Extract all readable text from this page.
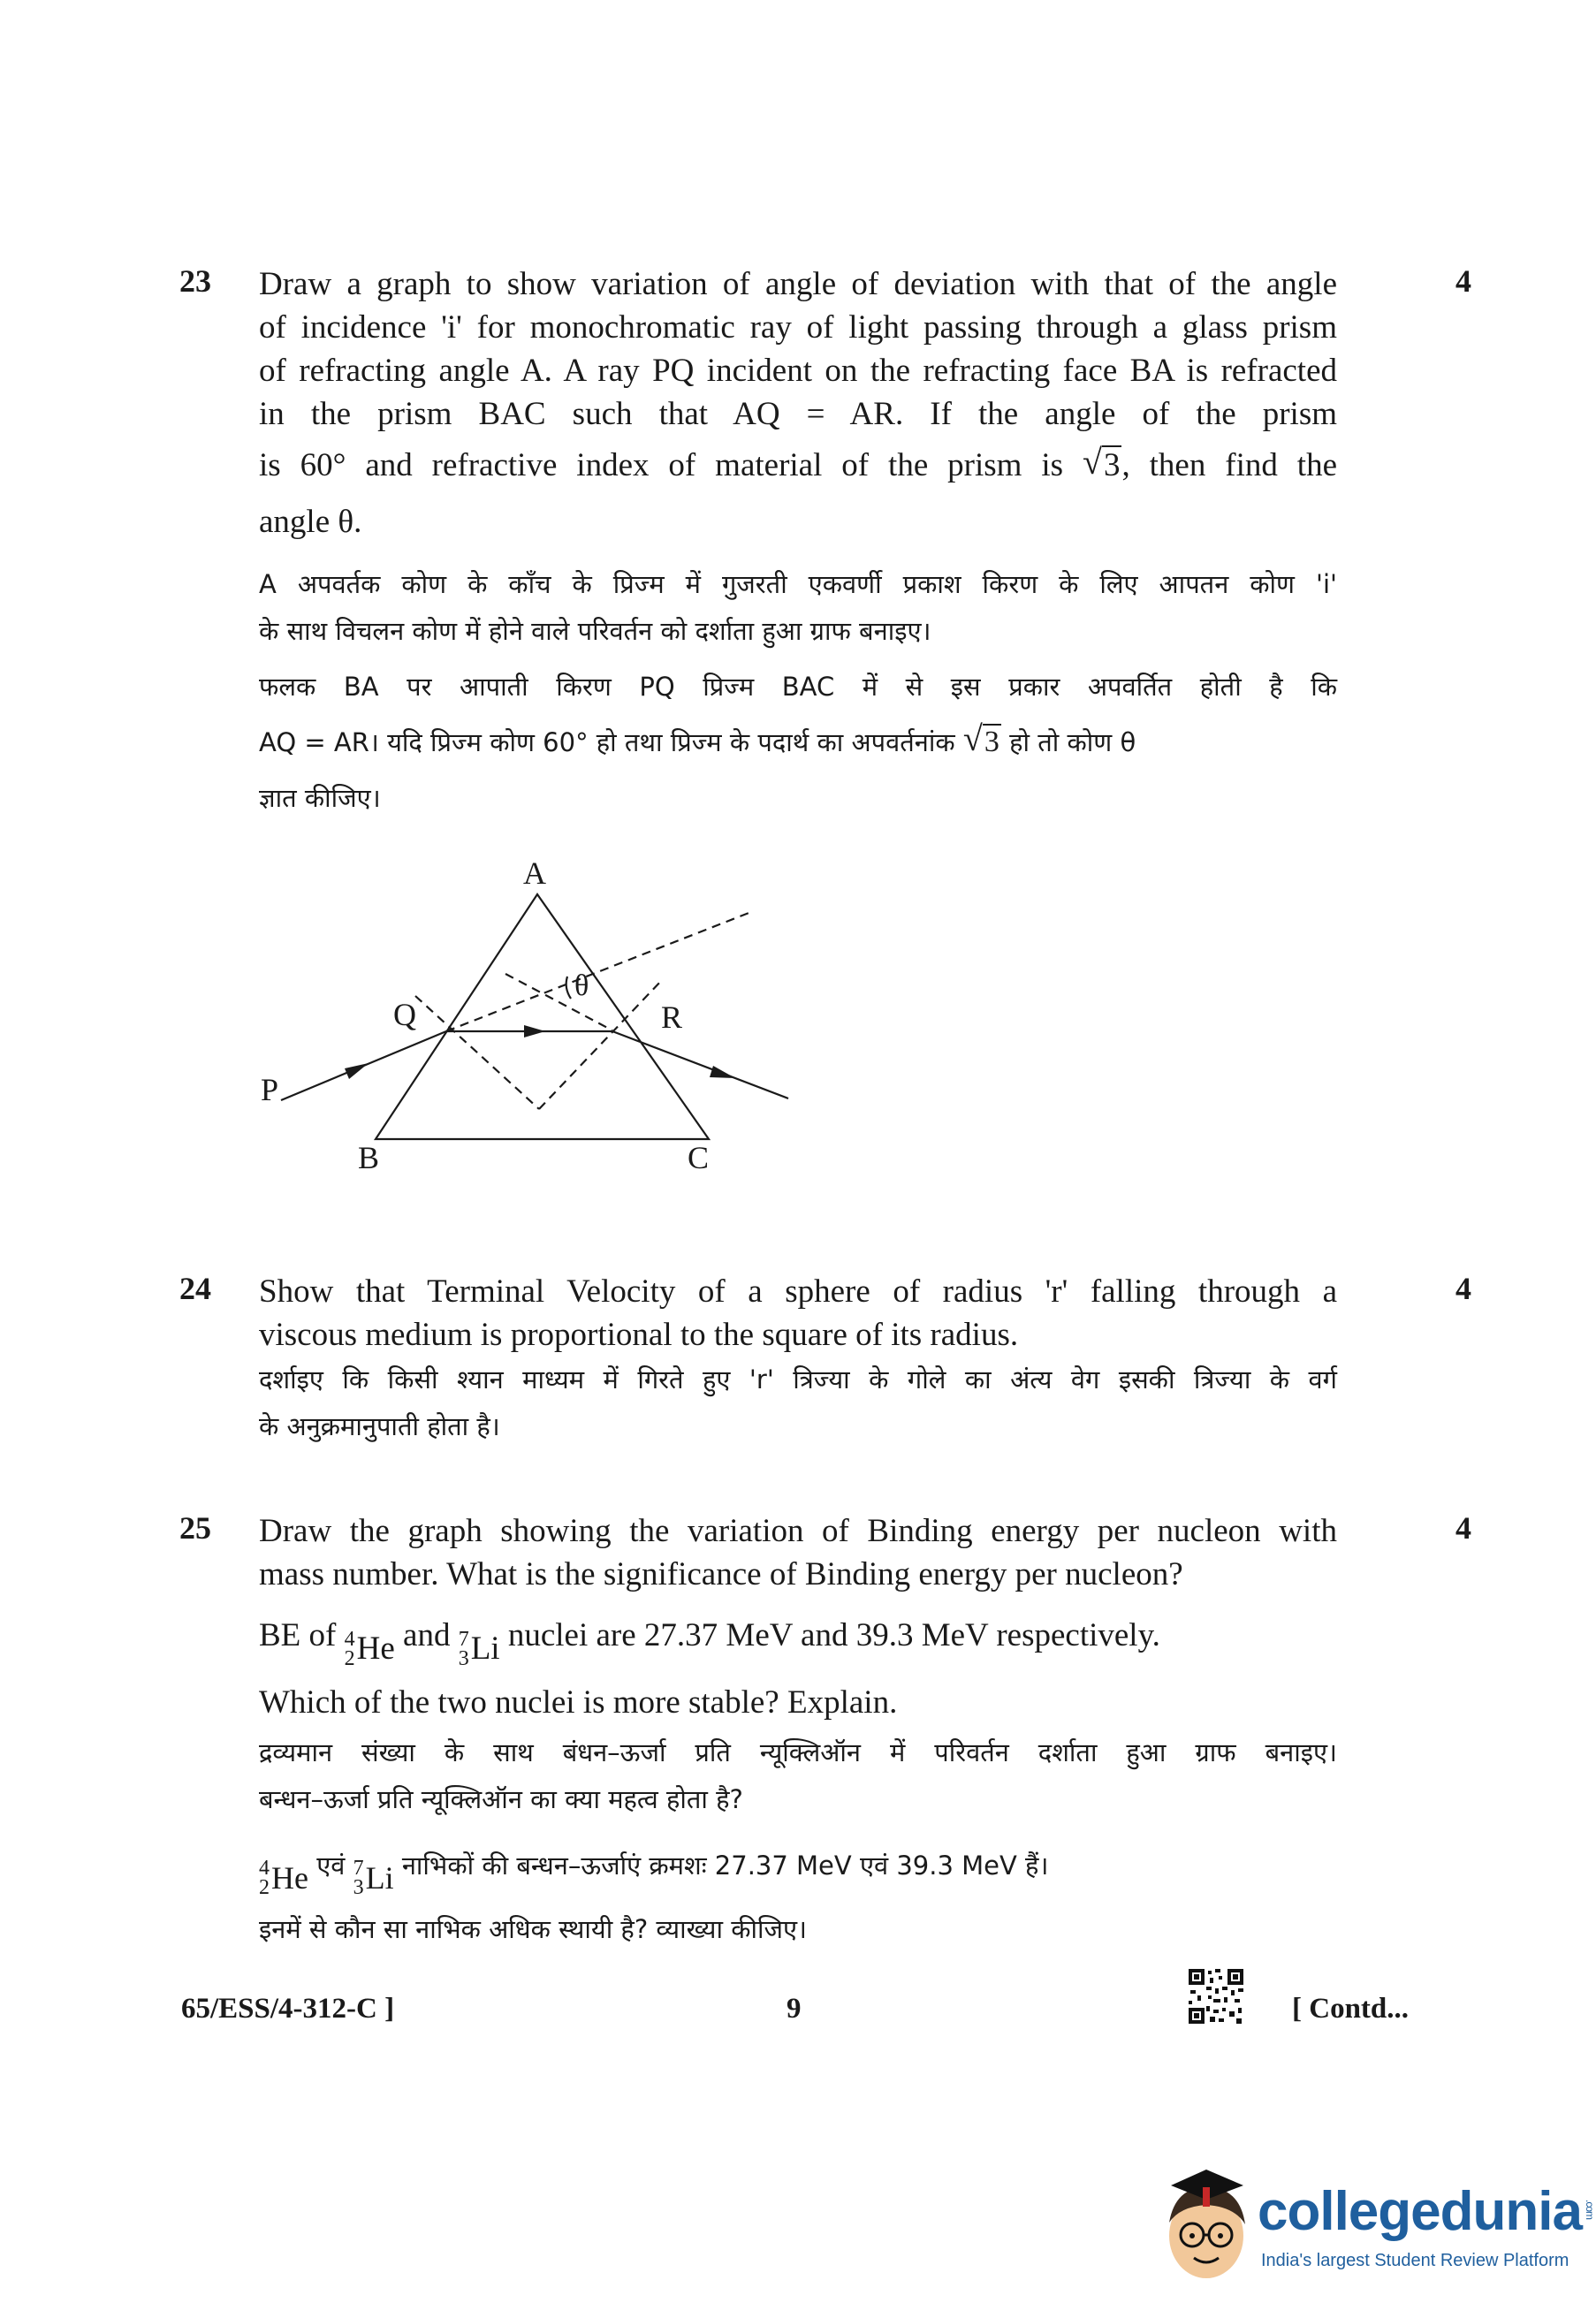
23	4

Draw a graph to show variation of angle of deviation with that of the angle

of incidence 'i' for monochromatic ray of light passing through a glass prism

of refracting angle A. A ray PQ incident on the refracting face BA is refracted

in the prism BAC such that AQ = AR. If the angle of the prism

is 60° and refractive index of material of the prism is √ 3, then find the

angle θ.

A अपवर्तक कोण के काँच के प्रिज्म में गुजरती एकवर्णी प्रकाश किरण के लिए आपतन कोण 'i'

के साथ विचलन कोण में होने वाले परिवर्तन को दर्शाता हुआ ग्राफ बनाइए।

फलक BA पर आपाती किरण PQ प्रिज्म BAC में से इस प्रकार अपवर्तित होती है कि

AQ = AR। यदि प्रिज्म कोण 60° हो तथा प्रिज्म के पदार्थ का अपवर्तनांक √ 3 हो तो कोण θ

ज्ञात कीजिए।

A
B	C
Q	R
P
θ
24	4

Show that Terminal Velocity of a sphere of radius 'r' falling through a

viscous medium is proportional to the square of its radius.

दर्शाइए कि किसी श्यान माध्यम में गिरते हुए 'r' त्रिज्या के गोले का अंत्य वेग इसकी त्रिज्या के वर्ग

के अनुक्रमानुपाती होता है।

25	4

Draw the graph showing the variation of Binding energy per nucleon with

mass number. What is the significance of Binding energy per nucleon?

BE of 4
2 He and 7
3 Li nuclei are 27.37 MeV and 39.3 MeV respectively.

Which of the two nuclei is more stable? Explain.

द्रव्यमान संख्या के साथ बंधन–ऊर्जा प्रति न्यूक्लिऑन में परिवर्तन दर्शाता हुआ ग्राफ बनाइए।

बन्धन–ऊर्जा प्रति न्यूक्लिऑन का क्या महत्व होता है?

4
2 He एवं 7
3 Li नाभिकों की बन्धन–ऊर्जाएं क्रमशः 27.37 MeV एवं 39.3 MeV हैं।

इनमें से कौन सा नाभिक अधिक स्थायी है? व्याख्या कीजिए।

65/ESS/4-312-C ]	9	[ Contd...
collegedunia .com
India's largest Student Review Platform
